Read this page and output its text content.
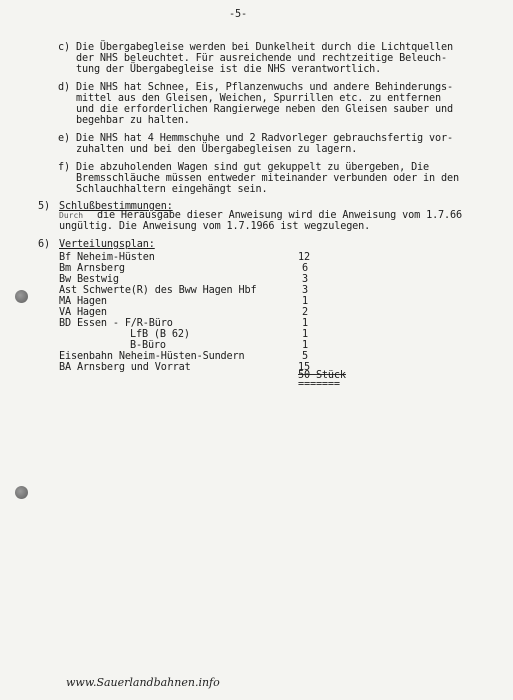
-5-
c) Die Übergabegleise werden bei Dunkelheit durch die Lichtquellen
der NHS beleuchtet. Für ausreichende und rechtzeitige Beleuch-
tung der Übergabegleise ist die NHS verantwortlich.
d) Die NHS hat Schnee, Eis, Pflanzenwuchs und andere Behinderungs-
mittel aus den Gleisen, Weichen, Spurrillen etc. zu entfernen
und die erforderlichen Rangierwege neben den Gleisen sauber und
begehbar zu halten.
e) Die NHS hat 4 Hemmschuhe und 2 Radvorleger gebrauchsfertig vor-
zuhalten und bei den Übergabegleisen zu lagern.
f) Die abzuholenden Wagen sind gut gekuppelt zu übergeben, Die
Bremsschläuche müssen entweder miteinander verbunden oder in den
Schlauchhaltern eingehängt sein.
5) Schlußbestimmungen:
Durch die Herausgabe dieser Anweisung wird die Anweisung vom 1.7.66
ungültig. Die Anweisung vom 1.7.1966 ist wegzulegen.
6) Verteilungsplan:
Bf Neheim-Hüsten	12
Bm Arnsberg	6
Bw Bestwig	3
Ast Schwerte(R) des Bww Hagen Hbf	3
MA Hagen	1
VA Hagen	2
BD Essen - F/R-Büro	1
LfB (B 62)	1
B-Büro	1
Eisenbahn Neheim-Hüsten-Sundern	5
BA Arnsberg und Vorrat	15
50 Stück
=======
www.Sauerlandbahnen.info
